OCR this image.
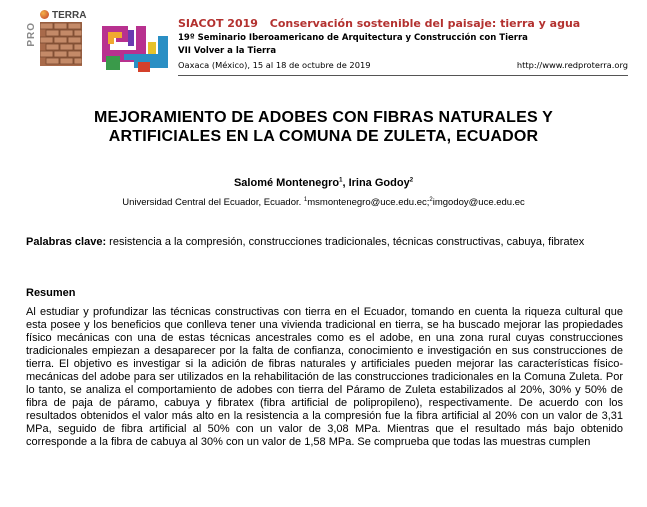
TERRA
PRO	SIACOT 2019 Conservación sostenible del paisaje: tierra y agua
19º Seminario Iberoamericano de Arquitectura y Construcción con Tierra
VII Volver a la Tierra
Oaxaca (México), 15 al 18 de octubre de 2019	http://www.redproterra.org
MEJORAMIENTO DE ADOBES CON FIBRAS NATURALES Y
ARTIFICIALES EN LA COMUNA DE ZULETA, ECUADOR
Salomé Montenegro$^1$, Irina Godoy$^2$
Universidad Central del Ecuador, Ecuador. $^1$msmontenegro@uce.edu.ec;$^2$imgodoy@uce.edu.ec
Palabras clave: resistencia a la compresión, construcciones tradicionales, técnicas constructivas, cabuya, fibratex
Resumen
Al estudiar y profundizar las técnicas constructivas con tierra en el Ecuador, tomando en cuenta la riqueza cultural que esta posee y los beneficios que conlleva tener una vivienda tradicional en tierra, se ha buscado mejorar las propiedades físico mecánicas con una de estas técnicas ancestrales como es el adobe, en una zona rural cuyas construcciones tradicionales empiezan a desaparecer por la falta de confianza, conocimiento e investigación en sus construcciones de tierra. El objetivo es investigar si la adición de fibras naturales y artificiales pueden mejorar las características físico-mecánicas del adobe para ser utilizados en la rehabilitación de las construcciones tradicionales en la Comuna Zuleta. Por lo tanto, se analiza el comportamiento de adobes con tierra del Páramo de Zuleta estabilizados al 20%, 30% y 50% de fibra de paja de páramo, cabuya y fibratex (fibra artificial de polipropileno), respectivamente. De acuerdo con los resultados obtenidos el valor más alto en la resistencia a la compresión fue la fibra artificial al 20% con un valor de 3,31 MPa, seguido de fibra artificial al 50% con un valor de 3,08 MPa. Mientras que el resultado más bajo obtenido corresponde a la fibra de cabuya al 30% con un valor de 1,58 MPa. Se comprueba que todas las muestras cumplen
